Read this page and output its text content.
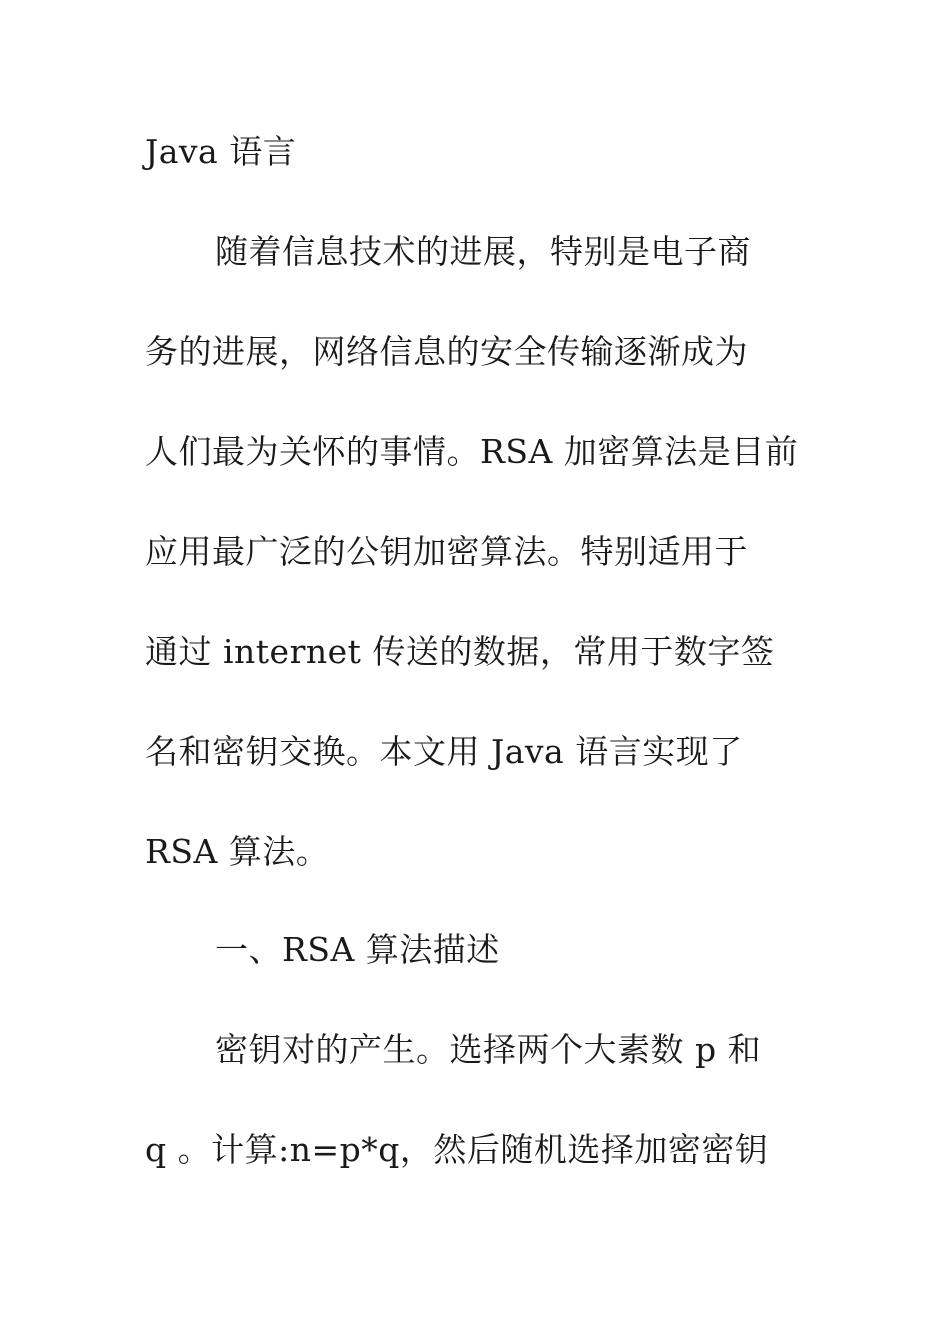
Java 语言
随着信息技术的进展，特别是电子商
务的进展，网络信息的安全传输逐渐成为
人们最为关怀的事情。RSA 加密算法是目前
应用最广泛的公钥加密算法。特别适用于
通过 internet 传送的数据，常用于数字签
名和密钥交换。本文用 Java 语言实现了
RSA 算法。
一、RSA 算法描述
密钥对的产生。选择两个大素数 p 和
q 。计算:n=p*q，然后随机选择加密密钥
